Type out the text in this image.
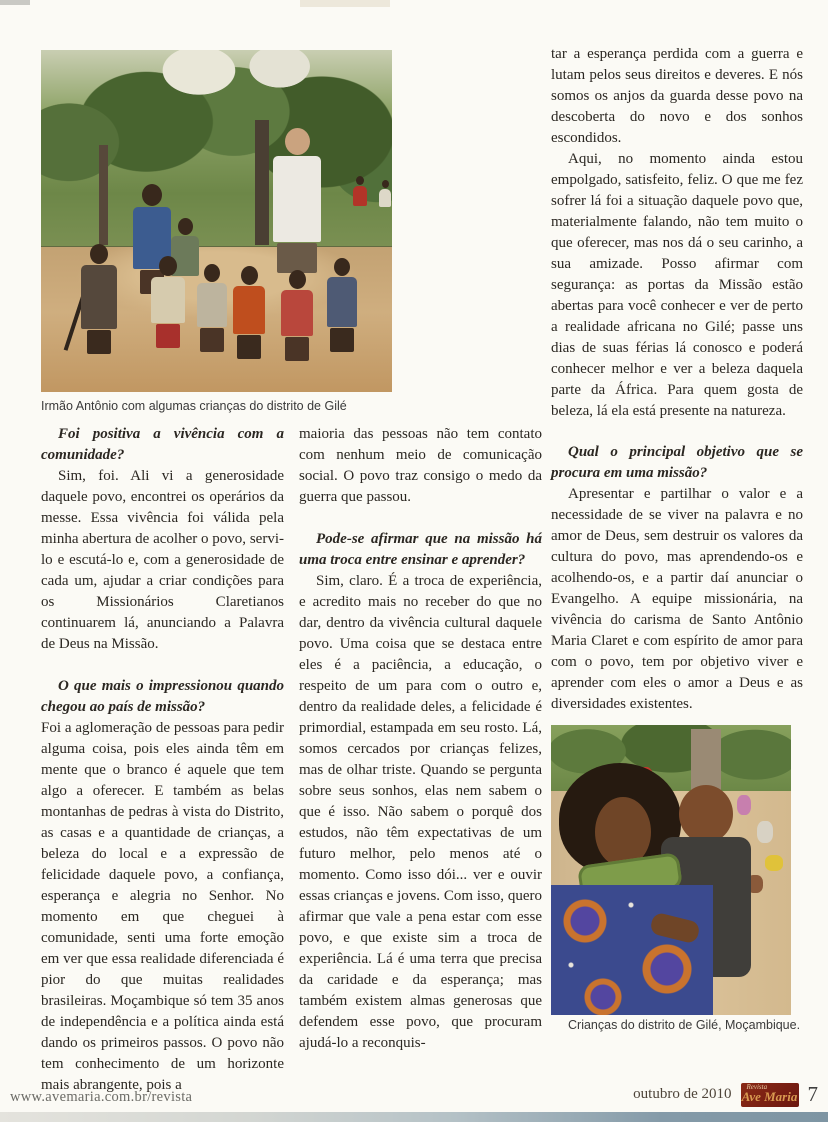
Irmão Antônio com algumas crianças do distrito de Gilé

Foi positiva a vivência com a comunidade?

Sim, foi. Ali vi a generosidade daquele povo, encontrei os operários da messe. Essa vivência foi válida pela minha abertura de acolher o povo, servi-lo e escutá-lo e, com a generosidade de cada um, ajudar a criar condições para os Missionários Claretianos continuarem lá, anunciando a Palavra de Deus na Missão.

O que mais o impressionou quando chegou ao país de missão?

Foi a aglomeração de pessoas para pedir alguma coisa, pois eles ainda têm em mente que o branco é aquele que tem algo a oferecer. E também as belas montanhas de pedras à vista do Distrito, as casas e a quantidade de crianças, a beleza do local e a expressão de felicidade daquele povo, a confiança, esperança e alegria no Senhor. No momento em que cheguei à comunidade, senti uma forte emoção em ver que essa realidade diferenciada é pior do que muitas realidades brasileiras. Moçambique só tem 35 anos de independência e a política ainda está dando os primeiros passos. O povo não tem conhecimento de um horizonte mais abrangente, pois a

maioria das pessoas não tem contato com nenhum meio de comunicação social. O povo traz consigo o medo da guerra que passou.

Pode-se afirmar que na missão há uma troca entre ensinar e aprender?

Sim, claro. É a troca de experiência, e acredito mais no receber do que no dar, dentro da vivência cultural daquele povo. Uma coisa que se destaca entre eles é a paciência, a educação, o respeito de um para com o outro e, dentro da realidade deles, a felicidade é primordial, estampada em seu rosto. Lá, somos cercados por crianças felizes, mas de olhar triste. Quando se pergunta sobre seus sonhos, elas nem sabem o que é isso. Não sabem o porquê dos estudos, não têm expectativas de um futuro melhor, pelo menos até o momento. Como isso dói... ver e ouvir essas crianças e jovens. Com isso, quero afirmar que vale a pena estar com esse povo, e que existe sim a troca de experiência. Lá é uma terra que precisa da caridade e da esperança; mas também existem almas generosas que defendem esse povo, que procuram ajudá-lo a reconquis-

tar a esperança perdida com a guerra e lutam pelos seus direitos e deveres. E nós somos os anjos da guarda desse povo na descoberta do novo e dos sonhos escondidos.

Aqui, no momento ainda estou empolgado, satisfeito, feliz. O que me fez sofrer lá foi a situação daquele povo que, materialmente falando, não tem muito o que oferecer, mas nos dá o seu carinho, a sua amizade. Posso afirmar com segurança: as portas da Missão estão abertas para você conhecer e ver de perto a realidade africana no Gilé; passe uns dias de suas férias lá conosco e poderá conhecer melhor e ver a beleza daquela parte da África. Para quem gosta de beleza, lá ela está presente na natureza.

Qual o principal objetivo que se procura em uma missão?

Apresentar e partilhar o valor e a necessidade de se viver na palavra e no amor de Deus, sem destruir os valores da cultura do povo, mas aprendendo-os e acolhendo-os, e a partir daí anunciar o Evangelho. A equipe missionária, na vivência do carisma de Santo Antônio Maria Claret e com espírito de amor para com o povo, tem por objetivo viver e aprender com eles o amor a Deus e as diversidades existentes.

Crianças do distrito de Gilé, Moçambique.

www.avemaria.com.br/revista	outubro de 2010 Revista
Ave Maria 7
